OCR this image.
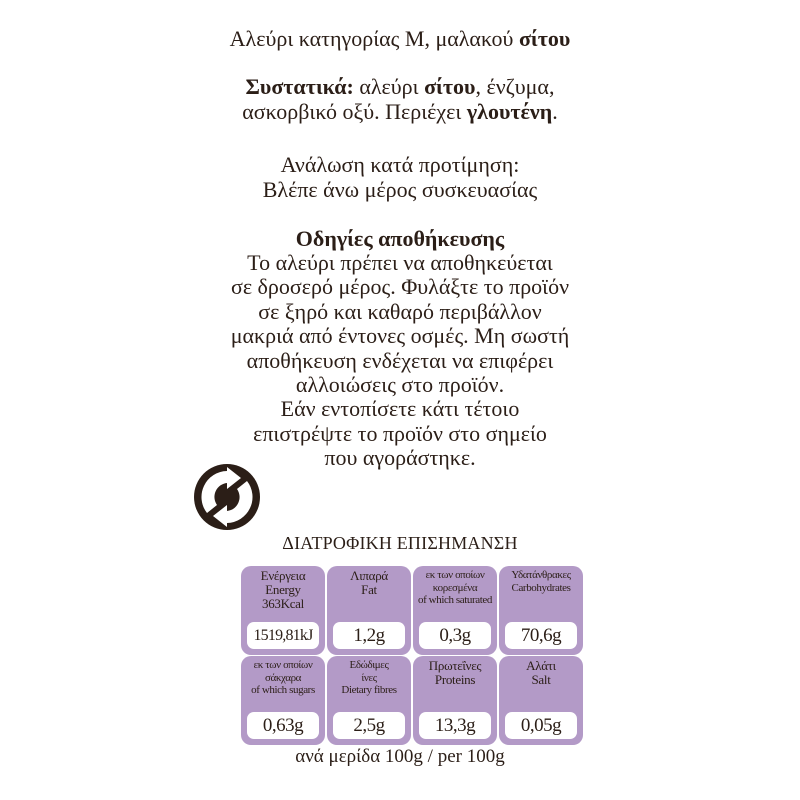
Αλεύρι κατηγορίας Μ, μαλακού σίτου

Συστατικά: αλεύρι σίτου, ένζυμα,

ασκορβικό οξύ. Περιέχει γλουτένη.

Ανάλωση κατά προτίμηση:

Βλέπε άνω μέρος συσκευασίας

Οδηγίες αποθήκευσης

Το αλεύρι πρέπει να αποθηκεύεται

σε δροσερό μέρος. Φυλάξτε το προϊόν

σε ξηρό και καθαρό περιβάλλον

μακριά από έντονες οσμές. Μη σωστή

αποθήκευση ενδέχεται να επιφέρει

αλλοιώσεις στο προϊόν.

Εάν εντοπίσετε κάτι τέτοιο

επιστρέψτε το προϊόν στο σημείο

που αγοράστηκε.

ΔΙΑΤΡΟΦΙΚΗ ΕΠΙΣΗΜΑΝΣΗ
Ενέργεια
Energy
363Kcal
1519,81kJ
Λιπαρά
Fat
1,2g
εκ των οποίων
κορεσμένα
of which saturated
0,3g
Υδατάνθρακες
Carbohydrates
70,6g
εκ των οποίων
σάκχαρα
of which sugars
0,63g
Εδώδιμες
ίνες
Dietary fibres
2,5g
Πρωτεΐνες
Proteins
13,3g
Αλάτι
Salt
0,05g
ανά μερίδα 100g / per 100g
